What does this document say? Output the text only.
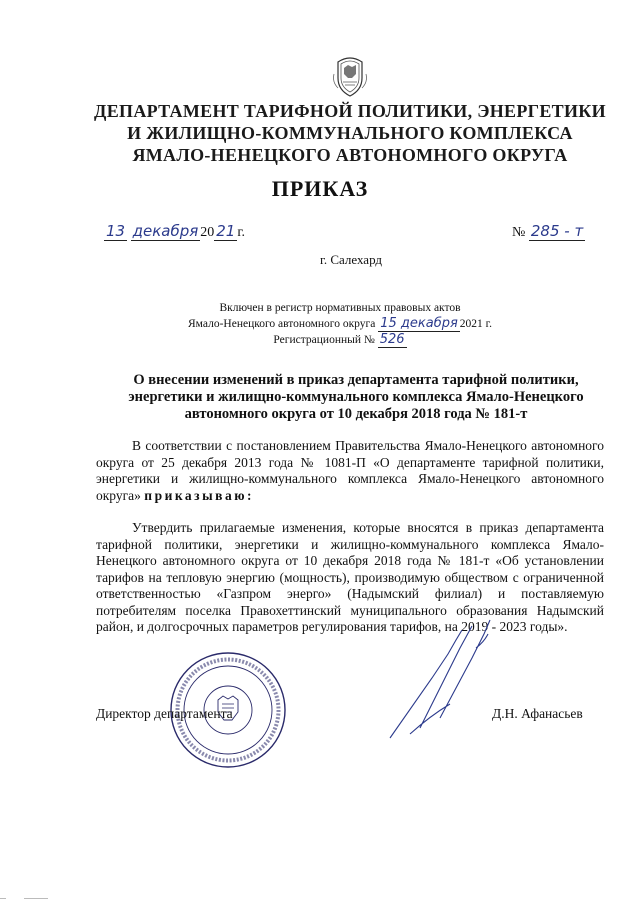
ДЕПАРТАМЕНТ ТАРИФНОЙ ПОЛИТИКИ, ЭНЕРГЕТИКИ
И ЖИЛИЩНО-КОММУНАЛЬНОГО КОМПЛЕКСА
ЯМАЛО-НЕНЕЦКОГО АВТОНОМНОГО ОКРУГА
ПРИКАЗ
13 декабря 20 21 г.	№ 285 - т
г. Салехард
Включен в регистр нормативных правовых актов
Ямало-Ненецкого автономного округа 15 декабря 2021 г.
Регистрационный № 526
О внесении изменений в приказ департамента тарифной политики, энергетики и жилищно-коммунального комплекса Ямало-Ненецкого автономного округа от 10 декабря 2018 года № 181-т
В соответствии с постановлением Правительства Ямало-Ненецкого автономного округа от 25 декабря 2013 года № 1081-П «О департаменте тарифной политики, энергетики и жилищно-коммунального комплекса Ямало-Ненецкого автономного округа» приказываю:
Утвердить прилагаемые изменения, которые вносятся в приказ департамента тарифной политики, энергетики и жилищно-коммунального комплекса Ямало-Ненецкого автономного округа от 10 декабря 2018 года № 181-т «Об установлении тарифов на тепловую энергию (мощность), производимую обществом с ограниченной ответственностью «Газпром энерго» (Надымский филиал) и поставляемую потребителям поселка Правохеттинский муниципального образования Надымский район, и долгосрочных параметров регулирования тарифов, на 2019 - 2023 годы».
Директор департамента	Д.Н. Афанасьев
